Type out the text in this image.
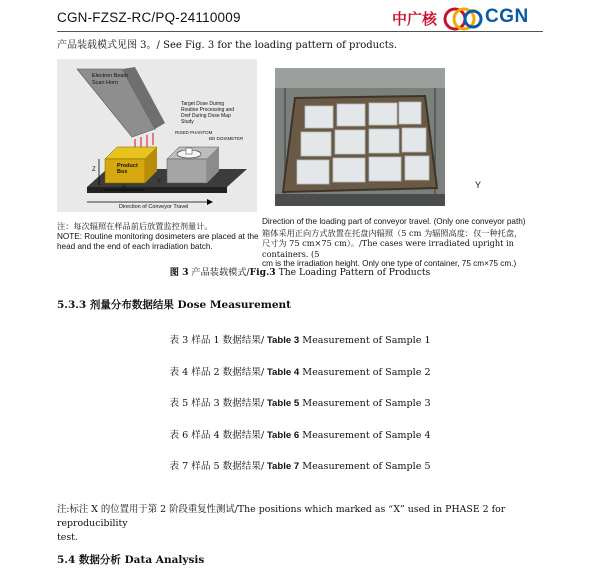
CGN-FZSZ-RC/PQ-24110009	中广核	CGN
产品装载模式见图 3。/ See Fig. 3 for the loading pattern of products.
Electron Beam Scan Horn
Target Dose During Routine Processing and Dref During Dose Map Study
RISED PHANTOM
BD DOSIMETER
Product Box
Z
X
Y
Direction of Conveyor Travel
Y
注：每次辐照在样品前后放置监控剂量计。
NOTE: Routine monitoring dosimeters are placed at the head and the end of each irradiation batch.
Direction of the loading part of conveyor travel. (Only one conveyor path)
箱体采用正向方式放置在托盘内辐照（5 cm 为辐照高度：仅一种托盘，
尺寸为 75 cm×75 cm）。/The cases were irradiated upright in containers. (5
cm is the irradiation height. Only one type of container, 75 cm×75 cm.)
图 3 产品装载模式/Fig.3 The Loading Pattern of Products
5.3.3 剂量分布数据结果 Dose Measurement
表 3 样品 1 数据结果/ Table 3 Measurement of Sample 1
表 4 样品 2 数据结果/ Table 4 Measurement of Sample 2
表 5 样品 3 数据结果/ Table 5 Measurement of Sample 3
表 6 样品 4 数据结果/ Table 6 Measurement of Sample 4
表 7 样品 5 数据结果/ Table 7 Measurement of Sample 5
注:标注 X 的位置用于第 2 阶段重复性测试/The positions which marked as “X” used in PHASE 2 for reproducibility
test.
5.4 数据分析 Data Analysis
